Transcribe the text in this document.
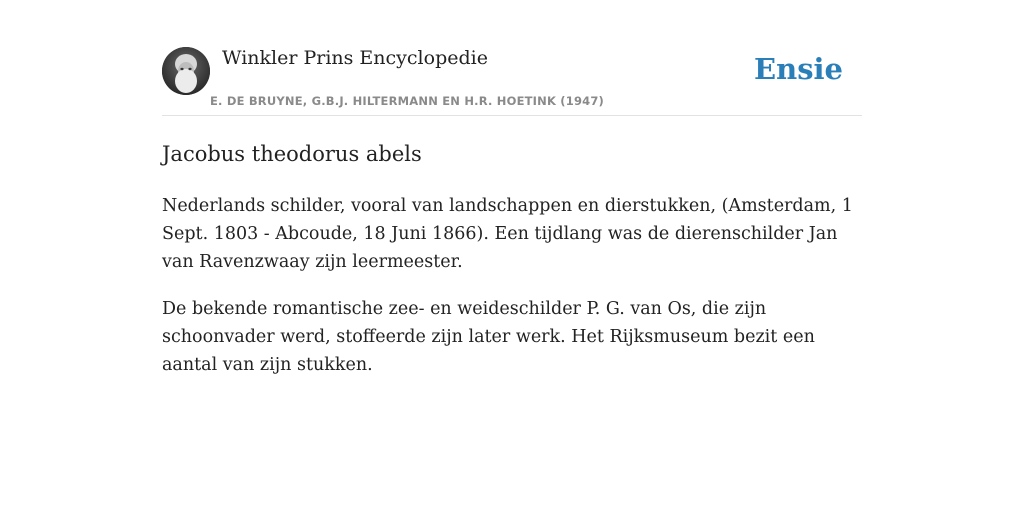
Winkler Prins Encyclopedie
E. DE BRUYNE, G.B.J. HILTERMANN EN H.R. HOETINK (1947)
Ensie
Jacobus theodorus abels

Nederlands schilder, vooral van landschappen en dierstukken, (Amsterdam, 1 Sept. 1803 - Abcoude, 18 Juni 1866). Een tijdlang was de dierenschilder Jan van Ravenzwaay zijn leermeester.

De bekende romantische zee- en weideschilder P. G. van Os, die zijn schoonvader werd, stoffeerde zijn later werk. Het Rijksmuseum bezit een aantal van zijn stukken.
